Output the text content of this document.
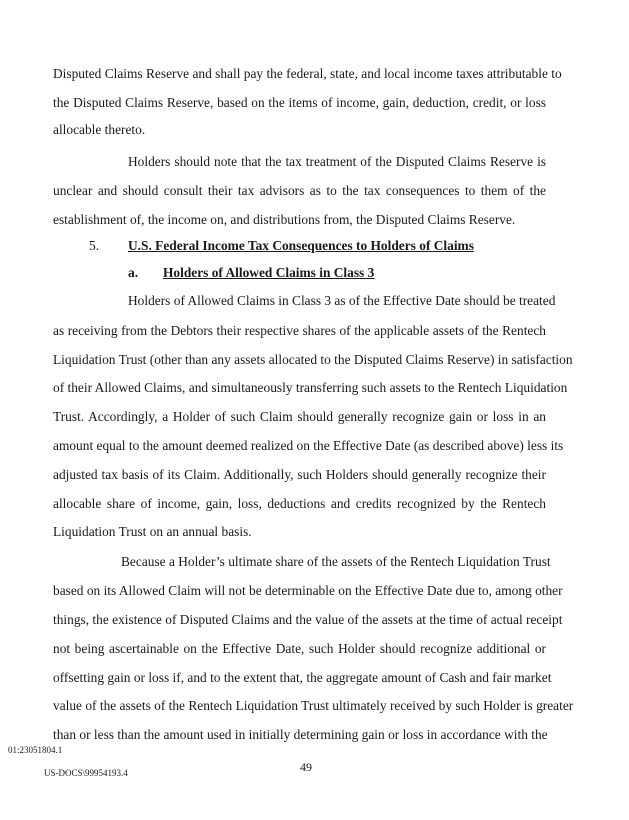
Disputed Claims Reserve and shall pay the federal, state, and local income taxes attributable to
the Disputed Claims Reserve, based on the items of income, gain, deduction, credit, or loss
allocable thereto.
Holders should note that the tax treatment of the Disputed Claims Reserve is
unclear and should consult their tax advisors as to the tax consequences to them of the
establishment of, the income on, and distributions from, the Disputed Claims Reserve.
5. U.S. Federal Income Tax Consequences to Holders of Claims
a. Holders of Allowed Claims in Class 3
Holders of Allowed Claims in Class 3 as of the Effective Date should be treated
as receiving from the Debtors their respective shares of the applicable assets of the Rentech
Liquidation Trust (other than any assets allocated to the Disputed Claims Reserve) in satisfaction
of their Allowed Claims, and simultaneously transferring such assets to the Rentech Liquidation
Trust. Accordingly, a Holder of such Claim should generally recognize gain or loss in an
amount equal to the amount deemed realized on the Effective Date (as described above) less its
adjusted tax basis of its Claim. Additionally, such Holders should generally recognize their
allocable share of income, gain, loss, deductions and credits recognized by the Rentech
Liquidation Trust on an annual basis.
Because a Holder’s ultimate share of the assets of the Rentech Liquidation Trust
based on its Allowed Claim will not be determinable on the Effective Date due to, among other
things, the existence of Disputed Claims and the value of the assets at the time of actual receipt
not being ascertainable on the Effective Date, such Holder should recognize additional or
offsetting gain or loss if, and to the extent that, the aggregate amount of Cash and fair market
value of the assets of the Rentech Liquidation Trust ultimately received by such Holder is greater
than or less than the amount used in initially determining gain or loss in accordance with the
01:23051804.1
49
US-DOCS\99954193.4
